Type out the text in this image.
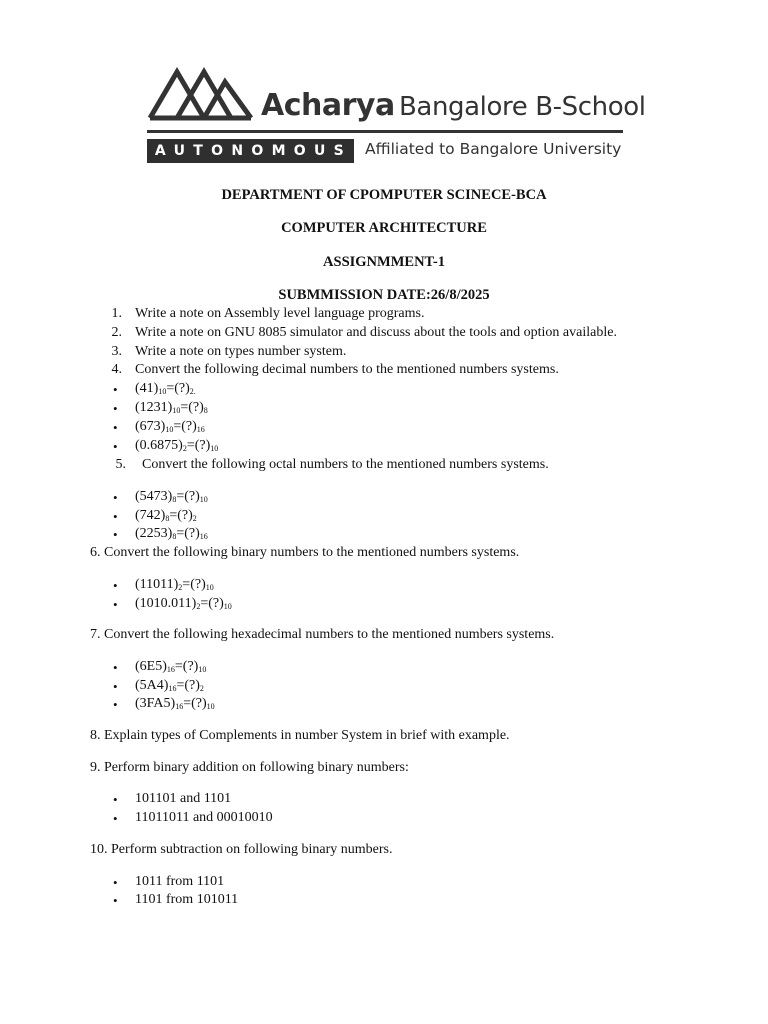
Acharya Bangalore B-School
AUTONOMOUS Affiliated to Bangalore University
DEPARTMENT OF CPOMPUTER SCINECE-BCA
COMPUTER ARCHITECTURE
ASSIGNMMENT-1
SUBMMISSION DATE:26/8/2025
1. Write a note on Assembly level language programs.
2. Write a note on GNU 8085 simulator and discuss about the tools and option available.
3. Write a note on types number system.
4. Convert the following decimal numbers to the mentioned numbers systems.
• $(41)_{10}=(?)_{2.}$
• $(1231)_{10}=(?)_8$
• $(673)_{10}=(?)_{16}$
• $(0.6875)_2=(?)_{10}$
5. Convert the following octal numbers to the mentioned numbers systems.
• $(5473)_8=(?)_{10}$
• $(742)_8=(?)_2$
• $(2253)_8=(?)_{16}$
6. Convert the following binary numbers to the mentioned numbers systems.
• $(11011)_2=(?)_{10}$
• $(1010.011)_2=(?)_{10}$
7. Convert the following hexadecimal numbers to the mentioned numbers systems.
• $(6E5)_{16}=(?)_{10}$
• $(5A4)_{16}=(?)_2$
• $(3FA5)_{16}=(?)_{10}$
8. Explain types of Complements in number System in brief with example.
9. Perform binary addition on following binary numbers:
• 101101 and 1101
• 11011011 and 00010010
10. Perform subtraction on following binary numbers.
• 1011 from 1101
• 1101 from 101011
